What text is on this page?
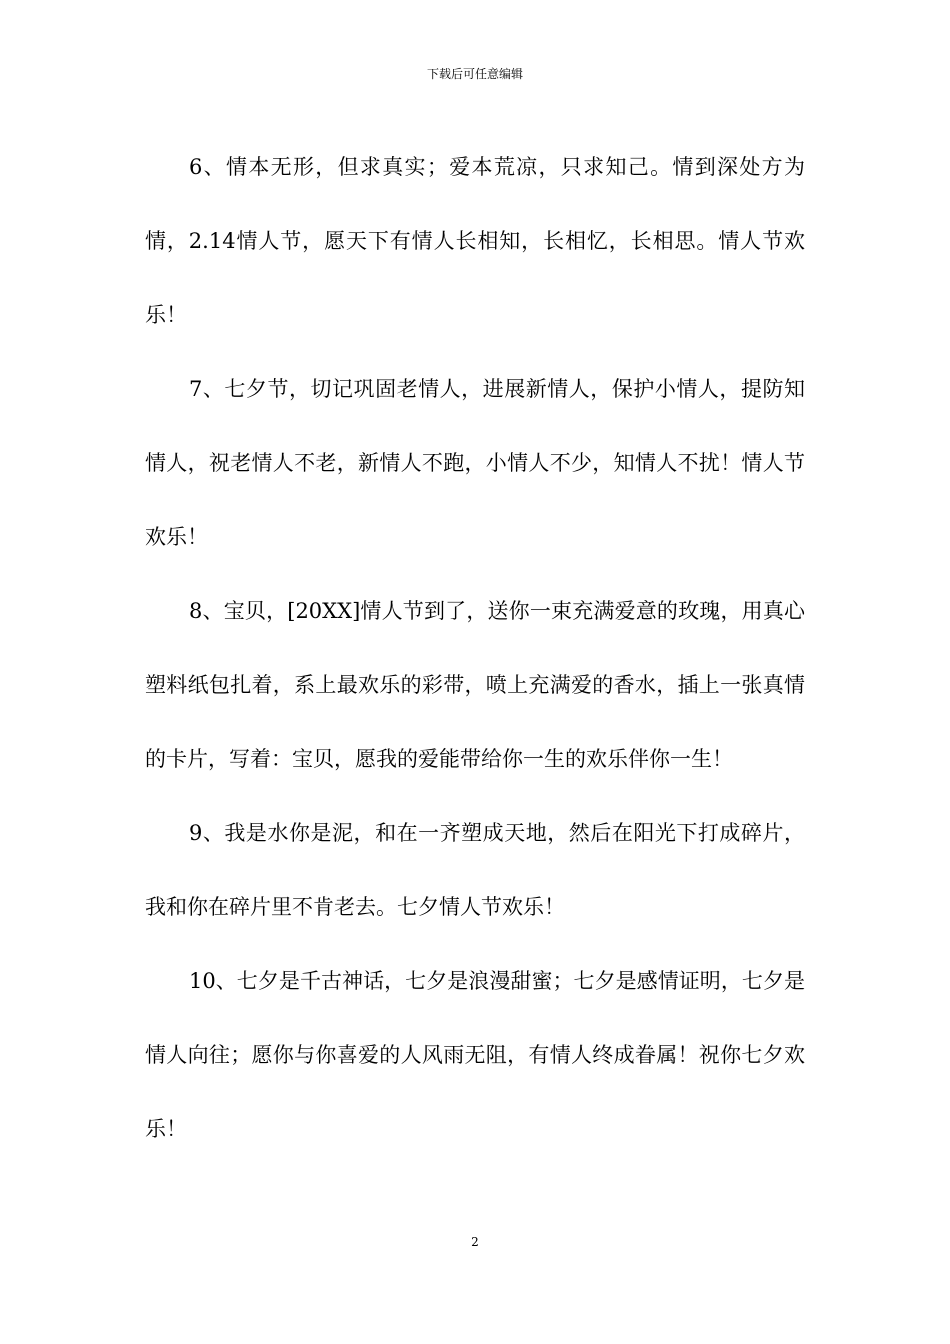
下载后可任意编辑

6、情本无形，但求真实；爱本荒凉，只求知己。情到深处方为情，2.14情人节，愿天下有情人长相知，长相忆，长相思。情人节欢乐！

7、七夕节，切记巩固老情人，进展新情人，保护小情人，提防知情人，祝老情人不老，新情人不跑，小情人不少，知情人不扰！情人节欢乐！

8、宝贝，[20XX]情人节到了，送你一束充满爱意的玫瑰，用真心塑料纸包扎着，系上最欢乐的彩带，喷上充满爱的香水，插上一张真情的卡片，写着：宝贝，愿我的爱能带给你一生的欢乐伴你一生！

9、我是水你是泥，和在一齐塑成天地，然后在阳光下打成碎片，我和你在碎片里不肯老去。七夕情人节欢乐！

10、七夕是千古神话，七夕是浪漫甜蜜；七夕是感情证明，七夕是情人向往；愿你与你喜爱的人风雨无阻，有情人终成眷属！祝你七夕欢乐！

2
